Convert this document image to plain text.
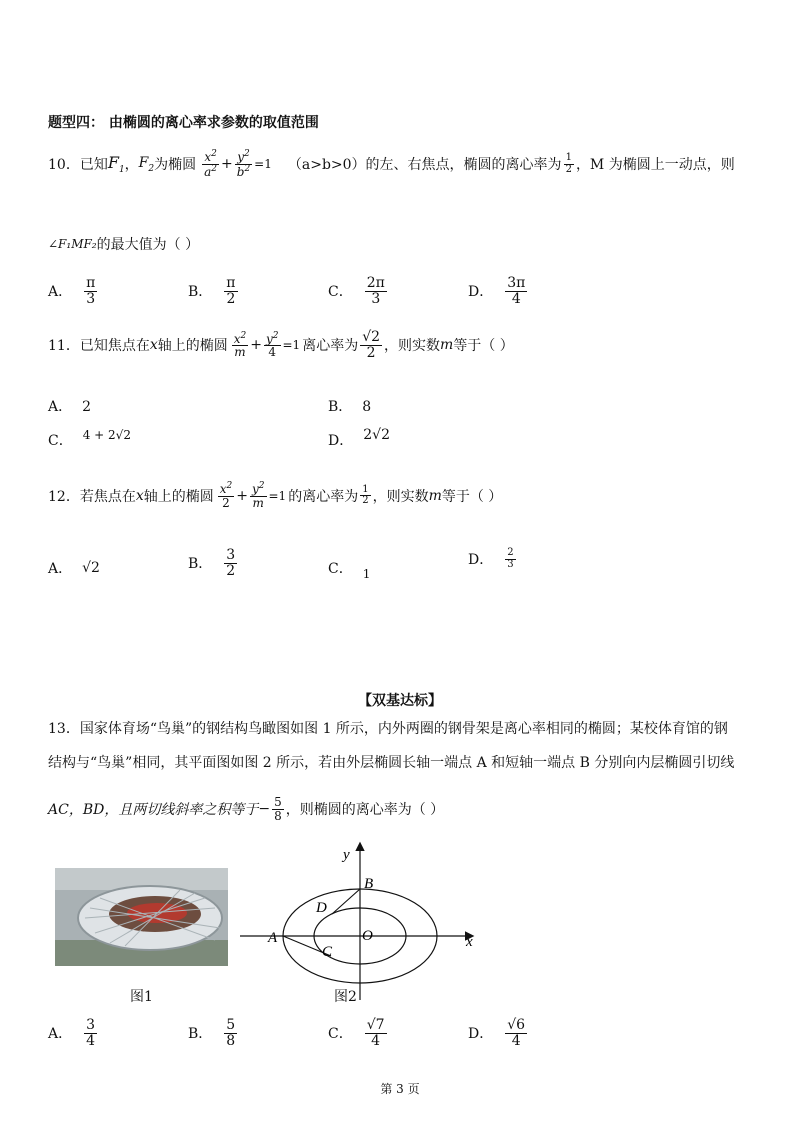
题型四： 由椭圆的离心率求参数的取值范围
10．已知 $F_1$ ， $F_2$ 为椭圆 $\frac{x^2}{a^2} + \frac{y^2}{b^2} =1$ （a>b>0）的左、右焦点，椭圆的离心率为 $\frac{1}{2}$ ，M 为椭圆上一动点，则
∠F₁MF₂ 的最大值为（ ）
A． $\frac{\pi}{3}$	B． $\frac{\pi}{2}$	C． $\frac{2\pi}{3}$	D． $\frac{3\pi}{4}$
11．已知焦点在 x 轴上的椭圆 $\frac{x^2}{m} + \frac{y^2}{4} =1$ 离心率为 $\frac{√2}{2}$ ，则实数 m 等于（ ）
A． 2	B． 8
C． 4 + 2√2	D． 2√2
12．若焦点在 x 轴上的椭圆 $\frac{x^2}{2} + \frac{y^2}{m} =1$ 的离心率为 $\frac{1}{2}$ ，则实数 m 等于（ ）
A． √2	B． $\frac{3}{2}$	C． 1
D． $\frac{2}{3}$
【双基达标】
13．国家体育场“鸟巢”的钢结构鸟瞰图如图 1 所示，内外两圈的钢骨架是离心率相同的椭圆；某校体育馆的钢
结构与“鸟巢”相同，其平面图如图 2 所示，若由外层椭圆长轴一端点 A 和短轴一端点 B 分别向内层椭圆引切线
AC，BD，且两切线斜率之积等于 − $\frac{5}{8}$ ，则椭圆的离心率为（ ）
图1
y
x
B
D
A	O
C
图2
A． $\frac{3}{4}$	B． $\frac{5}{8}$	C． $\frac{√7}{4}$	D． $\frac{√6}{4}$
第 3 页
